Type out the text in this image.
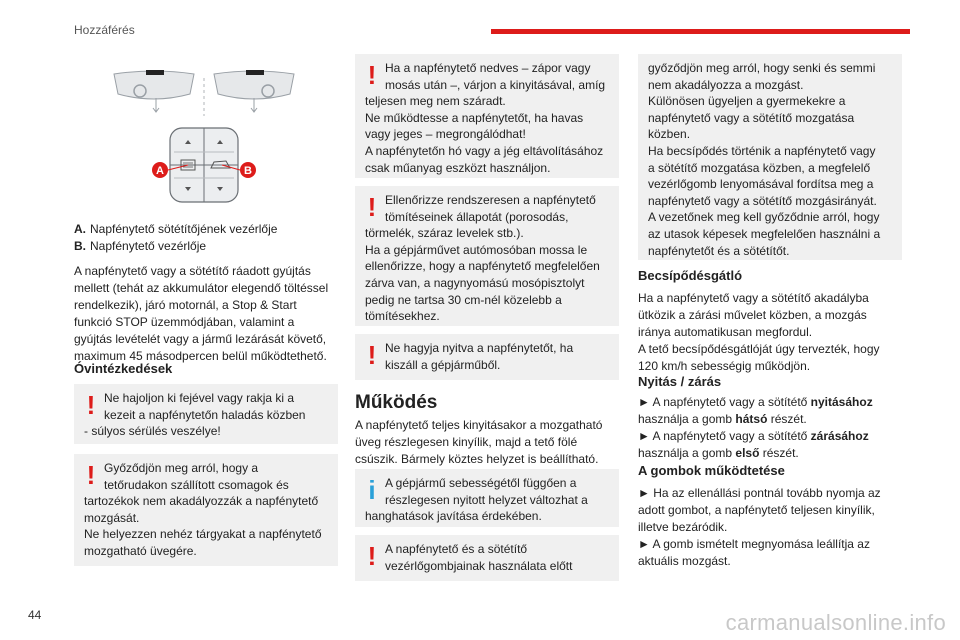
Hozzáférés
A	B
A. Napfénytető sötétítőjének vezérlője
B. Napfénytető vezérlője
A napfénytető vagy a sötétítő ráadott gyújtás
mellett (tehát az akkumulátor elegendő töltéssel
rendelkezik), járó motornál, a Stop & Start
funkció STOP üzemmódjában, valamint a
gyújtás levételét vagy a jármű lezárását követő,
maximum 45 másodpercen belül működtethető.
Óvintézkedések
! Ne hajoljon ki fejével vagy rakja ki a
kezeit a napfénytetőn haladás közben
- súlyos sérülés veszélye!
! Győződjön meg arról, hogy a
tetőrudakon szállított csomagok és
tartozékok nem akadályozzák a napfénytető
mozgását.
Ne helyezzen nehéz tárgyakat a napfénytető
mozgatható üvegére.
! Ha a napfénytető nedves – zápor vagy
mosás után –, várjon a kinyitásával, amíg
teljesen meg nem száradt.
Ne működtesse a napfénytetőt, ha havas
vagy jeges – megrongálódhat!
A napfénytetőn hó vagy a jég eltávolításához
csak műanyag eszközt használjon.
! Ellenőrizze rendszeresen a napfénytető
tömítéseinek állapotát (porosodás,
törmelék, száraz levelek stb.).
Ha a gépjárművet autómosóban mossa le
ellenőrizze, hogy a napfénytető megfelelően
zárva van, a nagynyomású mosópisztolyt
pedig ne tartsa 30 cm-nél közelebb a
tömítésekhez.
! Ne hagyja nyitva a napfénytetőt, ha
kiszáll a gépjárműből.
Működés
A napfénytető teljes kinyitásakor a mozgatható
üveg részlegesen kinyílik, majd a tető fölé
csúszik. Bármely köztes helyzet is beállítható.
i A gépjármű sebességétől függően a
részlegesen nyitott helyzet változhat a
hanghatások javítása érdekében.
! A napfénytető és a sötétítő
vezérlőgombjainak használata előtt
győződjön meg arról, hogy senki és semmi
nem akadályozza a mozgást.
Különösen ügyeljen a gyermekekre a
napfénytető vagy a sötétítő mozgatása
közben.
Ha becsípődés történik a napfénytető vagy
a sötétítő mozgatása közben, a megfelelő
vezérlőgomb lenyomásával fordítsa meg a
napfénytető vagy a sötétítő mozgásirányát.
A vezetőnek meg kell győződnie arról, hogy
az utasok képesek megfelelően használni a
napfénytetőt és a sötétítőt.
Becsípődésgátló
Ha a napfénytető vagy a sötétítő akadályba
ütközik a zárási művelet közben, a mozgás
iránya automatikusan megfordul.
A tető becsípődésgátlóját úgy tervezték, hogy
120 km/h sebességig működjön.
Nyitás / zárás
► A napfénytető vagy a sötítétő nyitásához
használja a gomb hátsó részét.
► A napfénytető vagy a sötítétő zárásához
használja a gomb első részét.
A gombok működtetése
► Ha az ellenállási pontnál tovább nyomja az
adott gombot, a napfénytető teljesen kinyílik,
illetve bezáródik.
► A gomb ismételt megnyomása leállítja az
aktuális mozgást.
44	carmanualsonline.info
